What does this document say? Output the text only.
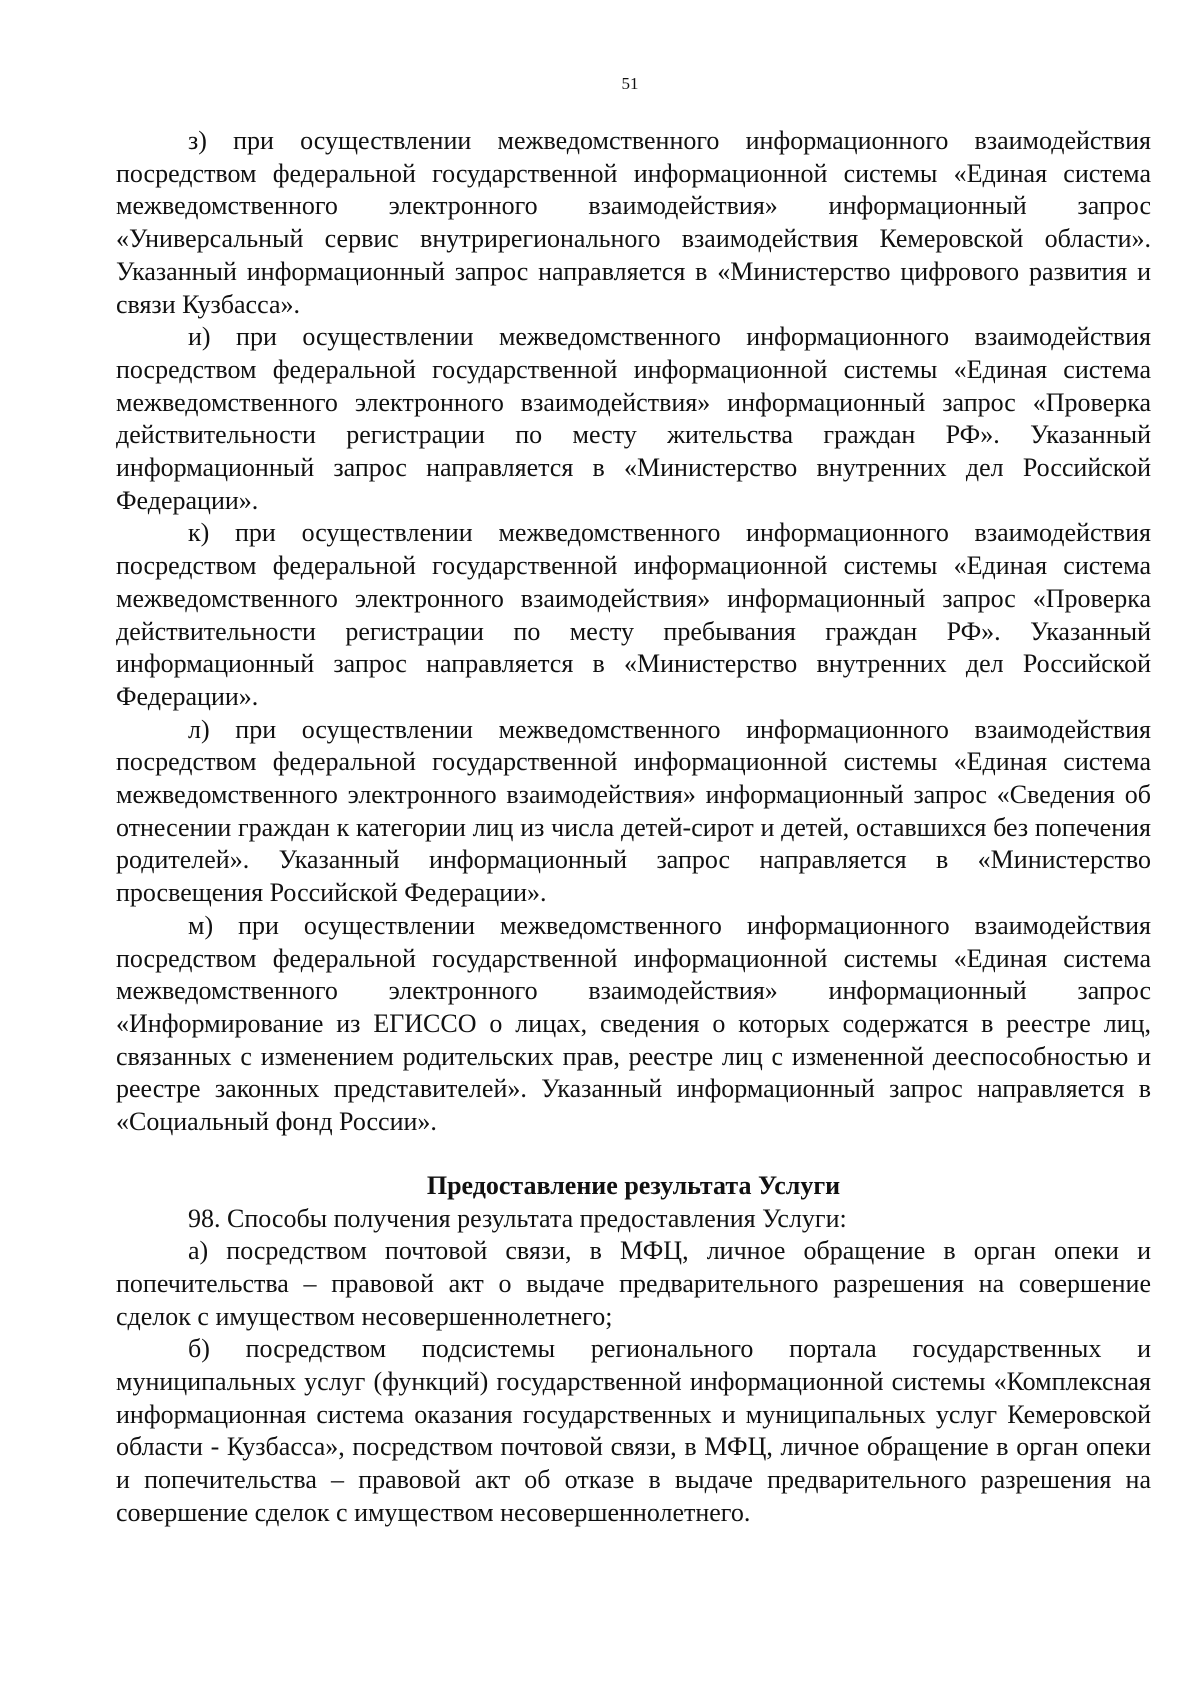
51

з) при осуществлении межведомственного информационного взаимодействия посредством федеральной государственной информационной системы «Единая система межведомственного электронного взаимодействия» информационный запрос «Универсальный сервис внутрирегионального взаимодействия Кемеровской области». Указанный информационный запрос направляется в «Министерство цифрового развития и связи Кузбасса».

и) при осуществлении межведомственного информационного взаимодействия посредством федеральной государственной информационной системы «Единая система межведомственного электронного взаимодействия» информационный запрос «Проверка действительности регистрации по месту жительства граждан РФ». Указанный информационный запрос направляется в «Министерство внутренних дел Российской Федерации».

к) при осуществлении межведомственного информационного взаимодействия посредством федеральной государственной информационной системы «Единая система межведомственного электронного взаимодействия» информационный запрос «Проверка действительности регистрации по месту пребывания граждан РФ». Указанный информационный запрос направляется в «Министерство внутренних дел Российской Федерации».

л) при осуществлении межведомственного информационного взаимодействия посредством федеральной государственной информационной системы «Единая система межведомственного электронного взаимодействия» информационный запрос «Сведения об отнесении граждан к категории лиц из числа детей-сирот и детей, оставшихся без попечения родителей». Указанный информационный запрос направляется в «Министерство просвещения Российской Федерации».

м) при осуществлении межведомственного информационного взаимодействия посредством федеральной государственной информационной системы «Единая система межведомственного электронного взаимодействия» информационный запрос «Информирование из ЕГИССО о лицах, сведения о которых содержатся в реестре лиц, связанных с изменением родительских прав, реестре лиц с измененной дееспособностью и реестре законных представителей». Указанный информационный запрос направляется в «Социальный фонд России».

Предоставление результата Услуги

98. Способы получения результата предоставления Услуги:

а) посредством почтовой связи, в МФЦ, личное обращение в орган опеки и попечительства – правовой акт о выдаче предварительного разрешения на совершение сделок с имуществом несовершеннолетнего;

б) посредством подсистемы регионального портала государственных и муниципальных услуг (функций) государственной информационной системы «Комплексная информационная система оказания государственных и муниципальных услуг Кемеровской области - Кузбасса», посредством почтовой связи, в МФЦ, личное обращение в орган опеки и попечительства – правовой акт об отказе в выдаче предварительного разрешения на совершение сделок с имуществом несовершеннолетнего.
